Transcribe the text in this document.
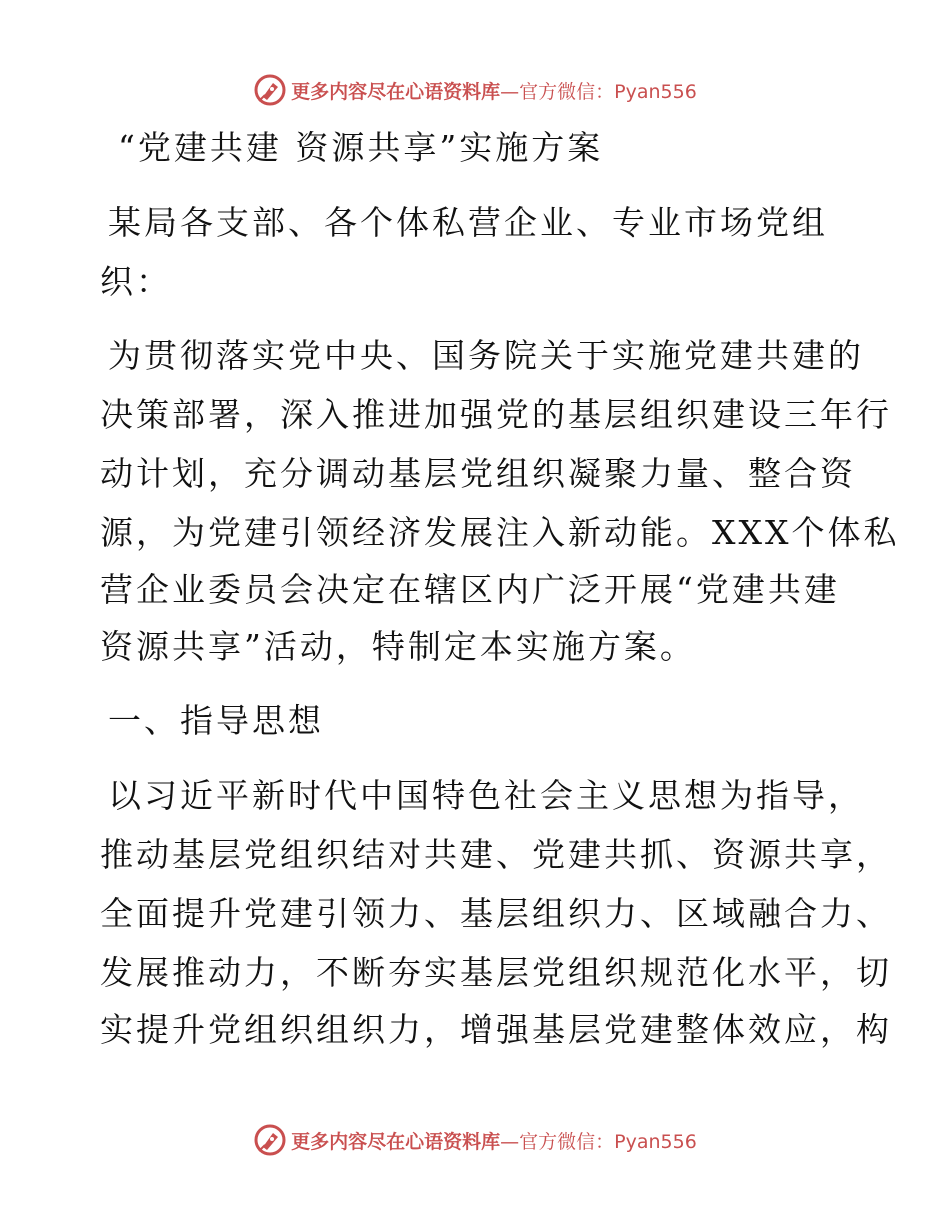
更多内容尽在心语资料库—官方微信：Pyan556
“党建共建 资源共享”实施方案
某局各支部、各个体私营企业、专业市场党组
织：
为贯彻落实党中央、国务院关于实施党建共建的
决策部署，深入推进加强党的基层组织建设三年行
动计划，充分调动基层党组织凝聚力量、整合资
源，为党建引领经济发展注入新动能。XXX个体私
营企业委员会决定在辖区内广泛开展“党建共建
资源共享”活动，特制定本实施方案。
一、指导思想
以习近平新时代中国特色社会主义思想为指导，
推动基层党组织结对共建、党建共抓、资源共享，
全面提升党建引领力、基层组织力、区域融合力、
发展推动力，不断夯实基层党组织规范化水平，切
实提升党组织组织力，增强基层党建整体效应，构
更多内容尽在心语资料库—官方微信：Pyan556
